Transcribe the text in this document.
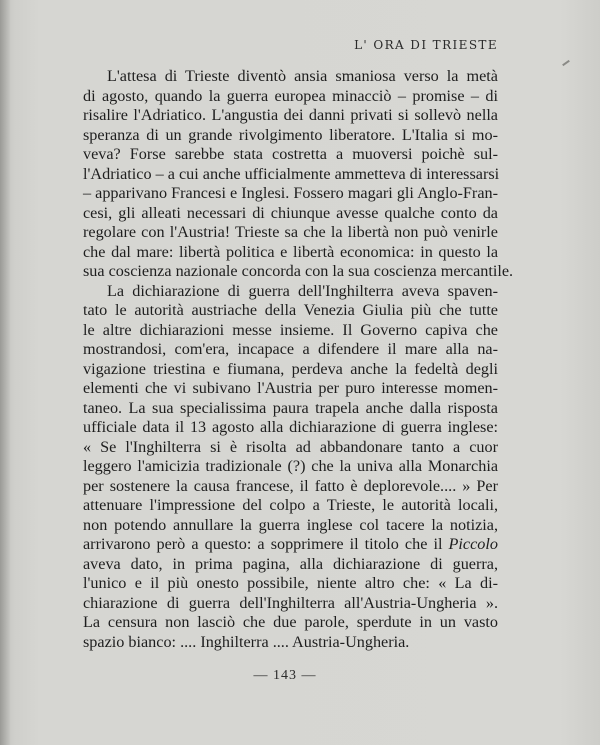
L' ORA DI TRIESTE
L'attesa di Trieste diventò ansia smaniosa verso la metà
di agosto, quando la guerra europea minacciò – promise – di
risalire l'Adriatico. L'angustia dei danni privati si sollevò nella
speranza di un grande rivolgimento liberatore. L'Italia si mo-
veva? Forse sarebbe stata costretta a muoversi poichè sul-
l'Adriatico – a cui anche ufficialmente ammetteva di interessarsi
– apparivano Francesi e Inglesi. Fossero magari gli Anglo-Fran-
cesi, gli alleati necessari di chiunque avesse qualche conto da
regolare con l'Austria! Trieste sa che la libertà non può venirle
che dal mare: libertà politica e libertà economica: in questo la
sua coscienza nazionale concorda con la sua coscienza mercantile.
La dichiarazione di guerra dell'Inghilterra aveva spaven-
tato le autorità austriache della Venezia Giulia più che tutte
le altre dichiarazioni messe insieme. Il Governo capiva che
mostrandosi, com'era, incapace a difendere il mare alla na-
vigazione triestina e fiumana, perdeva anche la fedeltà degli
elementi che vi subivano l'Austria per puro interesse momen-
taneo. La sua specialissima paura trapela anche dalla risposta
ufficiale data il 13 agosto alla dichiarazione di guerra inglese:
« Se l'Inghilterra si è risolta ad abbandonare tanto a cuor
leggero l'amicizia tradizionale (?) che la univa alla Monarchia
per sostenere la causa francese, il fatto è deplorevole.... » Per
attenuare l'impressione del colpo a Trieste, le autorità locali,
non potendo annullare la guerra inglese col tacere la notizia,
arrivarono però a questo: a sopprimere il titolo che il Piccolo
aveva dato, in prima pagina, alla dichiarazione di guerra,
l'unico e il più onesto possibile, niente altro che: « La di-
chiarazione di guerra dell'Inghilterra all'Austria-Ungheria ».
La censura non lasciò che due parole, sperdute in un vasto
spazio bianco: .... Inghilterra .... Austria-Ungheria.
— 143 —
